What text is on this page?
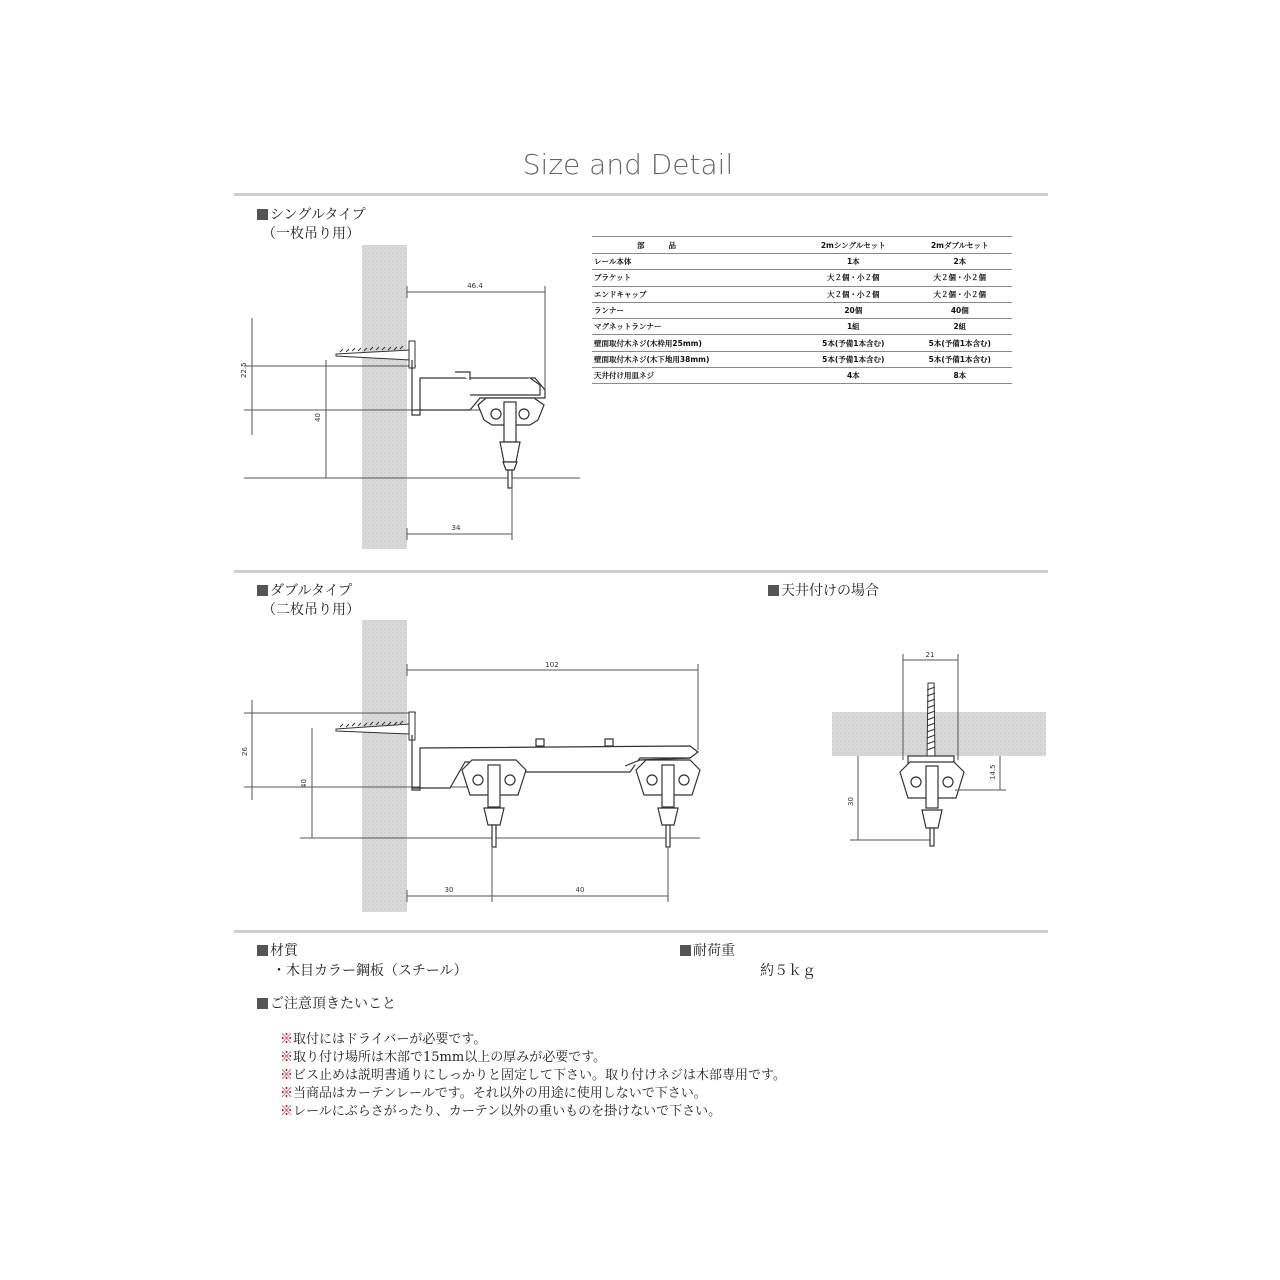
Size and Detail
シングルタイプ
（一枚吊り用）
部品	2mシングルセット	2mダブルセット
レール本体	1本	2本
ブラケット	大２個・小２個	大２個・小２個
エンドキャップ	大２個・小２個	大２個・小２個
ランナー	20個	40個
マグネットランナー	1組	2組
壁面取付木ネジ(木枠用25mm)	5本(予備1本含む)	5本(予備1本含む)
壁面取付木ネジ(木下地用38mm)	5本(予備1本含む)	5本(予備1本含む)
天井付け用皿ネジ	4本	8本
46.4
22.5
40
34
ダブルタイプ
（二枚吊り用）
天井付けの場合
102
26
40
30	40
21
30
14.5
材質
・木目カラー鋼板（スチール）
耐荷重
約５ｋｇ
ご注意頂きたいこと
※取付にはドライバーが必要です。
※取り付け場所は木部で15mm以上の厚みが必要です。
※ビス止めは説明書通りにしっかりと固定して下さい。取り付けネジは木部専用です。
※当商品はカーテンレールです。それ以外の用途に使用しないで下さい。
※レールにぶらさがったり、カーテン以外の重いものを掛けないで下さい。
